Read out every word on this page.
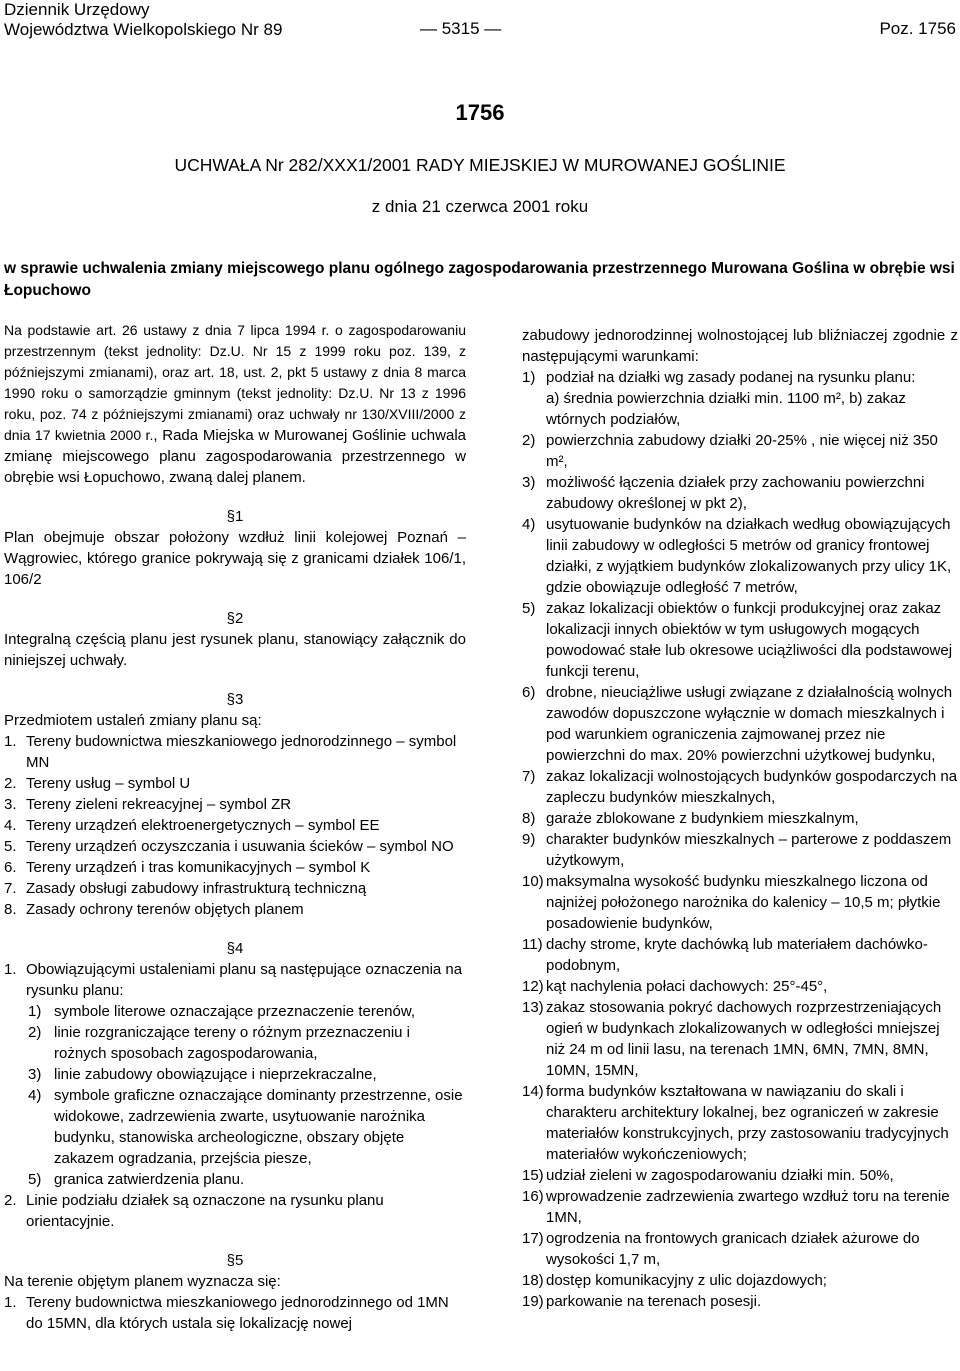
Dziennik Urzędowy
Województwa Wielkopolskiego Nr 89	— 5315 —	Poz. 1756
1756
UCHWAŁA Nr 282/XXX1/2001 RADY MIEJSKIEJ W MUROWANEJ GOŚLINIE
z dnia 21 czerwca 2001 roku
w sprawie uchwalenia zmiany miejscowego planu ogólnego zagospodarowania przestrzennego Murowana Goślina w obrębie wsi Łopuchowo

Na podstawie art. 26 ustawy z dnia 7 lipca 1994 r. o zagospodarowaniu przestrzennym (tekst jednolity: Dz.U. Nr 15 z 1999 roku poz. 139, z późniejszymi zmianami), oraz art. 18, ust. 2, pkt 5 ustawy z dnia 8 marca 1990 roku o samorządzie gminnym (tekst jednolity: Dz.U. Nr 13 z 1996 roku, poz. 74 z późniejszymi zmianami) oraz uchwały nr 130/XVIII/2000 z dnia 17 kwietnia 2000 r., Rada Miejska w Murowanej Goślinie uchwala zmianę miejscowego planu zagospodarowania przestrzennego w obrębie wsi Łopuchowo, zwaną dalej planem.

§1

Plan obejmuje obszar położony wzdłuż linii kolejowej Poznań – Wągrowiec, którego granice pokrywają się z granicami działek 106/1, 106/2

§2

Integralną częścią planu jest rysunek planu, stanowiący załącznik do niniejszej uchwały.

§3

Przedmiotem ustaleń zmiany planu są:

1. Tereny budownictwa mieszkaniowego jednorodzinnego – symbol MN
2. Tereny usług – symbol U
3. Tereny zieleni rekreacyjnej – symbol ZR
4. Tereny urządzeń elektroenergetycznych – symbol EE
5. Tereny urządzeń oczyszczania i usuwania ścieków – symbol NO
6. Tereny urządzeń i tras komunikacyjnych – symbol K
7. Zasady obsługi zabudowy infrastrukturą techniczną
8. Zasady ochrony terenów objętych planem
§4
1. Obowiązującymi ustaleniami planu są następujące oznaczenia na rysunku planu:
1) symbole literowe oznaczające przeznaczenie terenów,
2) linie rozgraniczające tereny o różnym przeznaczeniu i rożnych sposobach zagospodarowania,
3) linie zabudowy obowiązujące i nieprzekraczalne,
4) symbole graficzne oznaczające dominanty przestrzenne, osie widokowe, zadrzewienia zwarte, usytuowanie narożnika budynku, stanowiska archeologiczne, obszary objęte zakazem ogradzania, przejścia piesze,
5) granica zatwierdzenia planu.
2. Linie podziału działek są oznaczone na rysunku planu orientacyjnie.
§5

Na terenie objętym planem wyznacza się:

1. Tereny budownictwa mieszkaniowego jednorodzinnego od 1MN do 15MN, dla których ustala się lokalizację nowej

zabudowy jednorodzinnej wolnostojącej lub bliźniaczej zgodnie z następującymi warunkami:

1) podział na działki wg zasady podanej na rysunku planu:
a) średnia powierzchnia działki min. 1100 m², b) zakaz wtórnych podziałów,
2) powierzchnia zabudowy działki 20-25% , nie więcej niż 350 m²,
3) możliwość łączenia działek przy zachowaniu powierzchni zabudowy określonej w pkt 2),
4) usytuowanie budynków na działkach według obowiązujących linii zabudowy w odległości 5 metrów od granicy frontowej działki, z wyjątkiem budynków zlokalizowanych przy ulicy 1K, gdzie obowiązuje odległość 7 metrów,
5) zakaz lokalizacji obiektów o funkcji produkcyjnej oraz zakaz lokalizacji innych obiektów w tym usługowych mogących powodować stałe lub okresowe uciążliwości dla podstawowej funkcji terenu,
6) drobne, nieuciążliwe usługi związane z działalnością wolnych zawodów dopuszczone wyłącznie w domach mieszkalnych i pod warunkiem ograniczenia zajmowanej przez nie powierzchni do max. 20% powierzchni użytkowej budynku,
7) zakaz lokalizacji wolnostojących budynków gospodarczych na zapleczu budynków mieszkalnych,
8) garaże zblokowane z budynkiem mieszkalnym,
9) charakter budynków mieszkalnych – parterowe z poddaszem użytkowym,
10) maksymalna wysokość budynku mieszkalnego liczona od najniżej położonego narożnika do kalenicy – 10,5 m; płytkie posadowienie budynków,
11) dachy strome, kryte dachówką lub materiałem dachówko-podobnym,
12) kąt nachylenia połaci dachowych: 25°-45°,
13) zakaz stosowania pokryć dachowych rozprzestrzeniających ogień w budynkach zlokalizowanych w odległości mniejszej niż 24 m od linii lasu, na terenach 1MN, 6MN, 7MN, 8MN, 10MN, 15MN,
14) forma budynków kształtowana w nawiązaniu do skali i charakteru architektury lokalnej, bez ograniczeń w zakresie materiałów konstrukcyjnych, przy zastosowaniu tradycyjnych materiałów wykończeniowych;
15) udział zieleni w zagospodarowaniu działki min. 50%,
16) wprowadzenie zadrzewienia zwartego wzdłuż toru na terenie 1MN,
17) ogrodzenia na frontowych granicach działek ażurowe do wysokości 1,7 m,
18) dostęp komunikacyjny z ulic dojazdowych;
19) parkowanie na terenach posesji.
